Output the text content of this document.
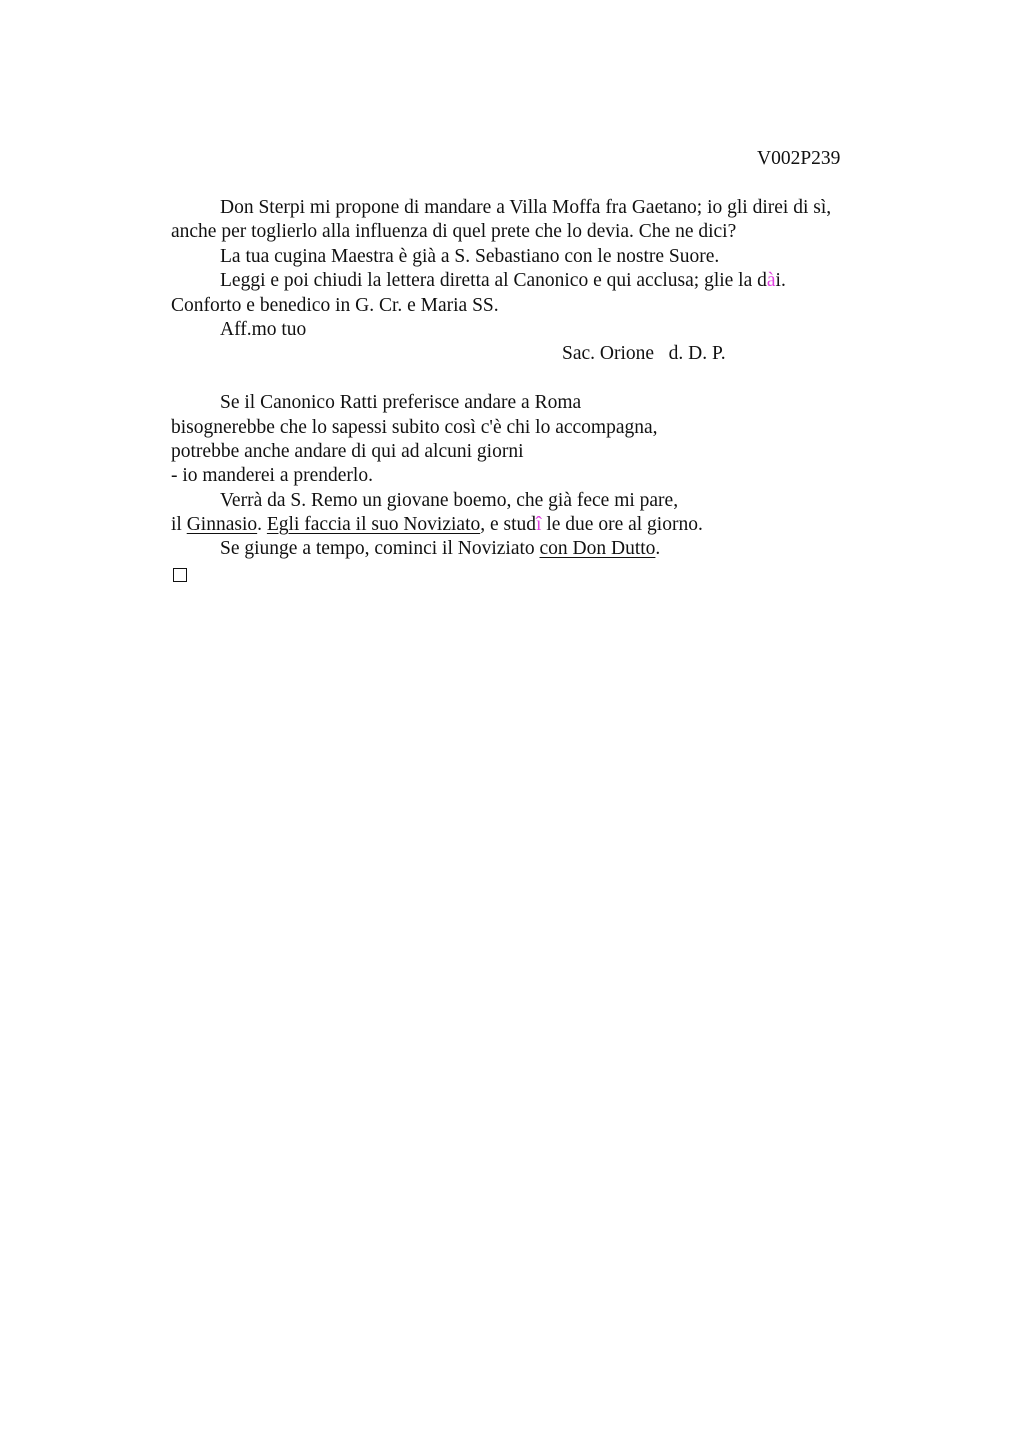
V002P239
Don Sterpi mi propone di mandare a Villa Moffa fra Gaetano; io gli direi di sì,
anche per toglierlo alla influenza di quel prete che lo devia. Che ne dici?
La tua cugina Maestra è già a S. Sebastiano con le nostre Suore.
Leggi e poi chiudi la lettera diretta al Canonico e qui acclusa; glie la dài.
Conforto e benedico in G. Cr. e Maria SS.
Aff.mo tuo
Sac. Orione   d. D. P.
Se il Canonico Ratti preferisce andare a Roma
bisognerebbe che lo sapessi subito così c'è chi lo accompagna,
potrebbe anche andare di qui ad alcuni giorni
- io manderei a prenderlo.
Verrà da S. Remo un giovane boemo, che già fece mi pare,
il Ginnasio. Egli faccia il suo Noviziato, e studî le due ore al giorno.
Se giunge a tempo, cominci il Noviziato con Don Dutto.
